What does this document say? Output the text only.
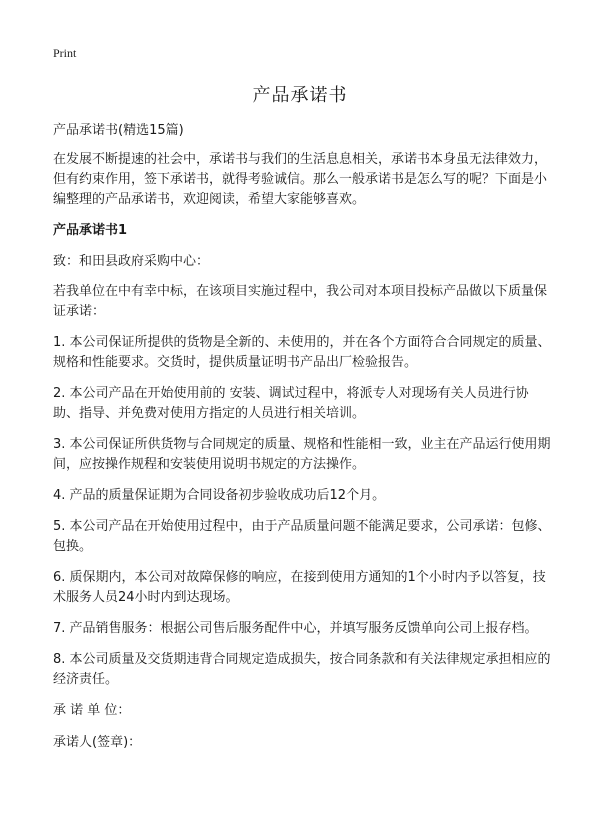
Print
产品承诺书

产品承诺书(精选15篇)

在发展不断提速的社会中，承诺书与我们的生活息息相关，承诺书本身虽无法律效力，但有约束作用，签下承诺书，就得考验诚信。那么一般承诺书是怎么写的呢？下面是小编整理的产品承诺书，欢迎阅读，希望大家能够喜欢。

产品承诺书1

致：和田县政府采购中心：

若我单位在中有幸中标，在该项目实施过程中，我公司对本项目投标产品做以下质量保证承诺：

1. 本公司保证所提供的货物是全新的、未使用的，并在各个方面符合合同规定的质量、规格和性能要求。交货时，提供质量证明书产品出厂检验报告。

2. 本公司产品在开始使用前的 安装、调试过程中，将派专人对现场有关人员进行协助、指导、并免费对使用方指定的人员进行相关培训。

3. 本公司保证所供货物与合同规定的质量、规格和性能相一致，业主在产品运行使用期间，应按操作规程和安装使用说明书规定的方法操作。

4. 产品的质量保证期为合同设备初步验收成功后12个月。

5. 本公司产品在开始使用过程中，由于产品质量问题不能满足要求，公司承诺：包修、包换。

6. 质保期内，本公司对故障保修的响应，在接到使用方通知的1个小时内予以答复，技术服务人员24小时内到达现场。

7. 产品销售服务：根据公司售后服务配件中心，并填写服务反馈单向公司上报存档。

8. 本公司质量及交货期违背合同规定造成损失，按合同条款和有关法律规定承担相应的经济责任。

承 诺 单 位：

承诺人(签章)：
